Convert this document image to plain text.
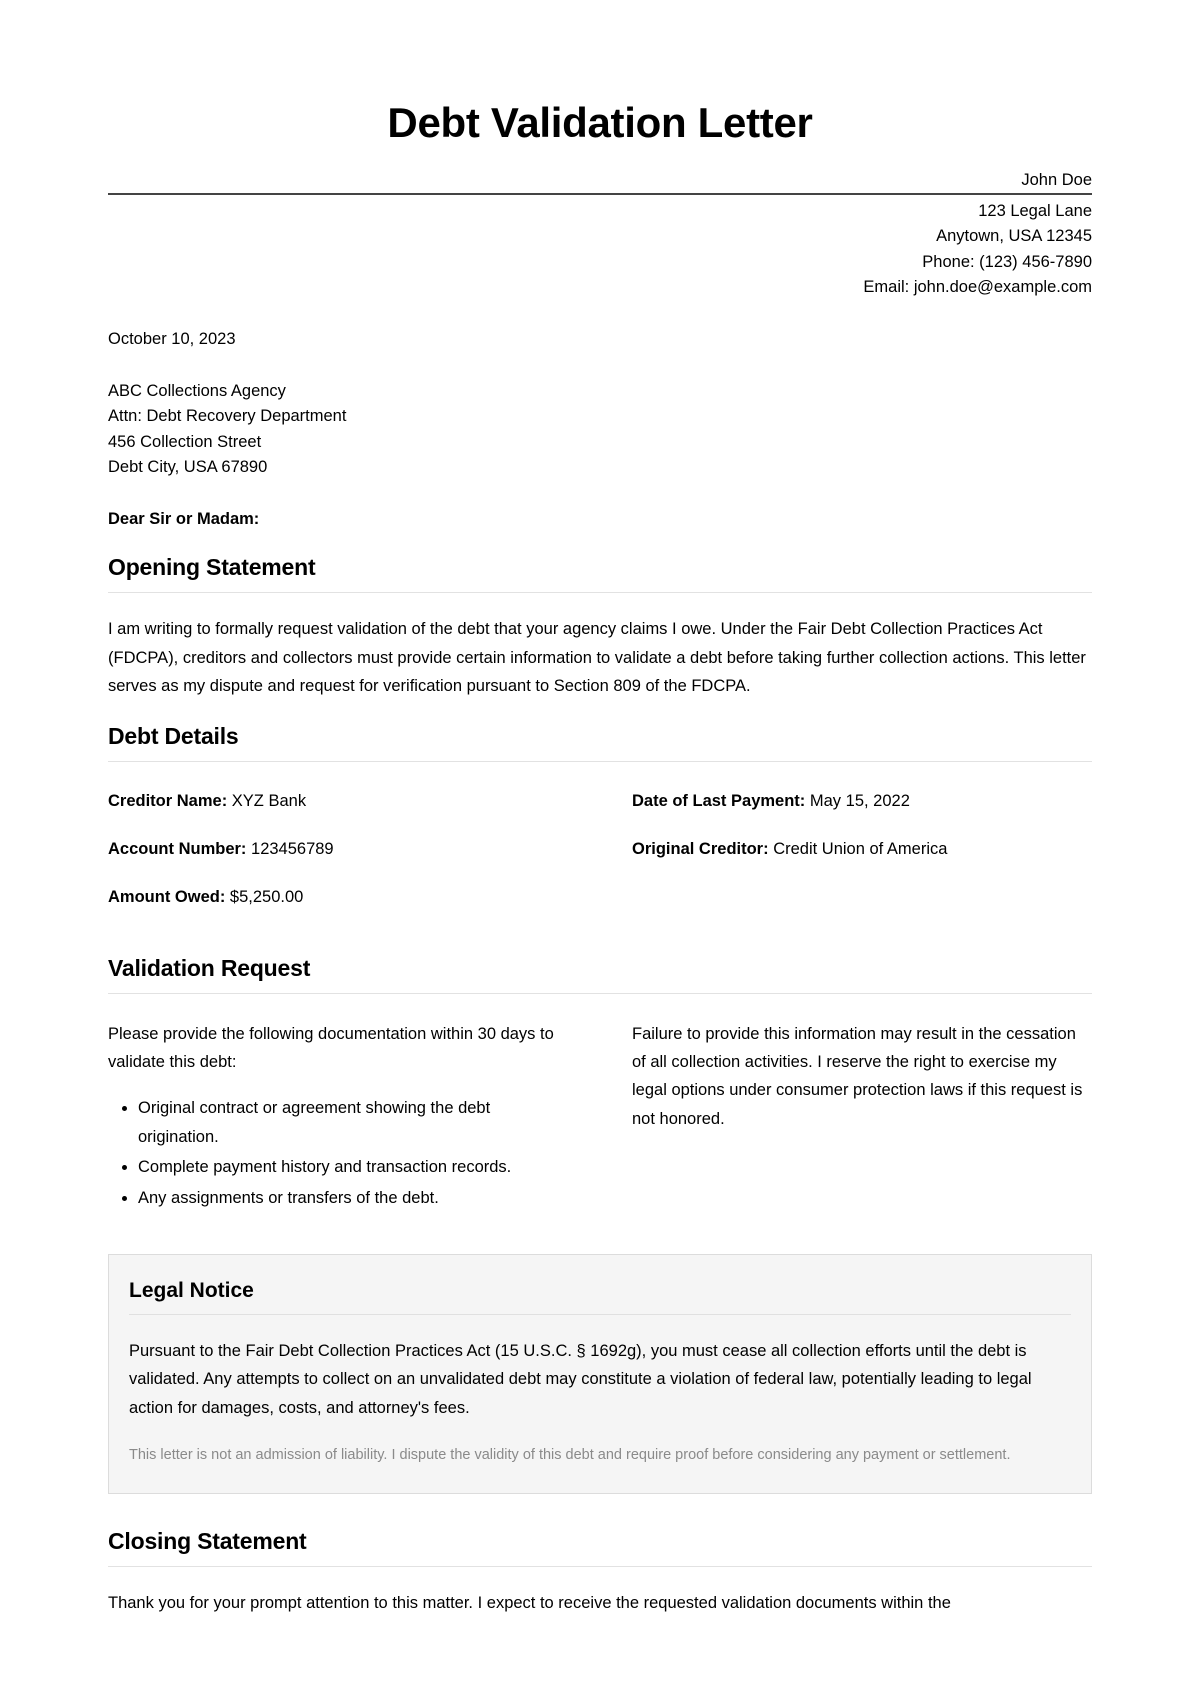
Debt Validation Letter
John Doe
123 Legal Lane
Anytown, USA 12345
Phone: (123) 456-7890
Email: john.doe@example.com
October 10, 2023
ABC Collections Agency
Attn: Debt Recovery Department
456 Collection Street
Debt City, USA 67890
Dear Sir or Madam:
Opening Statement

I am writing to formally request validation of the debt that your agency claims I owe. Under the Fair Debt Collection Practices Act (FDCPA), creditors and collectors must provide certain information to validate a debt before taking further collection actions. This letter serves as my dispute and request for verification pursuant to Section 809 of the FDCPA.

Debt Details
Creditor Name: XYZ Bank	Date of Last Payment: May 15, 2022
Account Number: 123456789	Original Creditor: Credit Union of America
Amount Owed: $5,250.00
Validation Request

Please provide the following documentation within 30 days to validate this debt:

• Original contract or agreement showing the debt origination.
• Complete payment history and transaction records.
• Any assignments or transfers of the debt.

Failure to provide this information may result in the cessation of all collection activities. I reserve the right to exercise my legal options under consumer protection laws if this request is not honored.

Legal Notice

Pursuant to the Fair Debt Collection Practices Act (15 U.S.C. § 1692g), you must cease all collection efforts until the debt is validated. Any attempts to collect on an unvalidated debt may constitute a violation of federal law, potentially leading to legal action for damages, costs, and attorney's fees.

This letter is not an admission of liability. I dispute the validity of this debt and require proof before considering any payment or settlement.
Closing Statement

Thank you for your prompt attention to this matter. I expect to receive the requested validation documents within the
